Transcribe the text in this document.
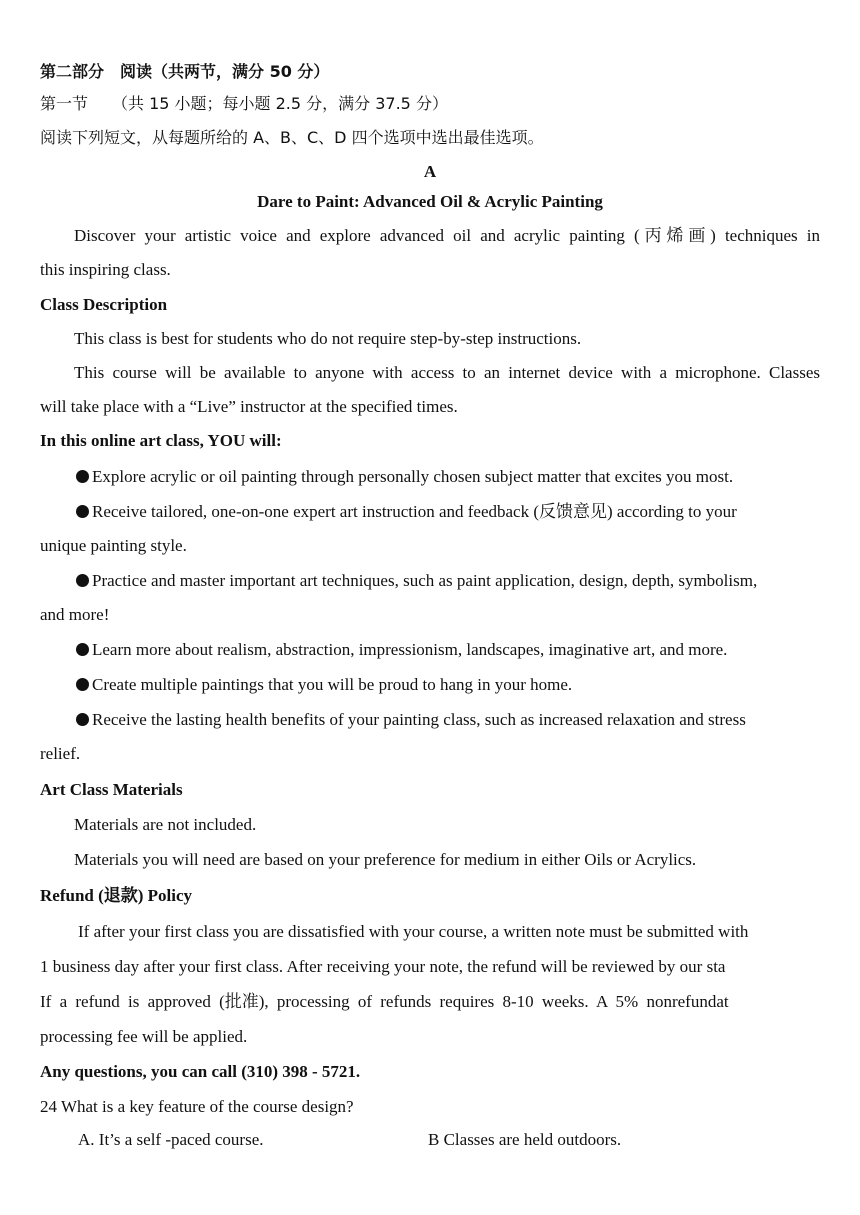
第二部分　阅读（共两节，满分 50 分）
第一节　　（共 15 小题；每小题 2.5 分，满分 37.5 分）
阅读下列短文，从每题所给的 A、B、C、D 四个选项中选出最佳选项。
A
Dare to Paint: Advanced Oil & Acrylic Painting
Discover your artistic voice and explore advanced oil and acrylic painting (丙烯画) techniques in
this inspiring class.
Class Description
This class is best for students who do not require step-by-step instructions.
This course will be available to anyone with access to an internet device with a microphone. Classes
will take place with a “Live” instructor at the specified times.
In this online art class, YOU will:
Explore acrylic or oil painting through personally chosen subject matter that excites you most.
Receive tailored, one-on-one expert art instruction and feedback (反馈意见) according to your
unique painting style.
Practice and master important art techniques, such as paint application, design, depth, symbolism,
and more!
Learn more about realism, abstraction, impressionism, landscapes, imaginative art, and more.
Create multiple paintings that you will be proud to hang in your home.
Receive the lasting health benefits of your painting class, such as increased relaxation and stress
relief.
Art Class Materials
Materials are not included.
Materials you will need are based on your preference for medium in either Oils or Acrylics.
Refund (退款) Policy
If after your first class you are dissatisfied with your course, a written note must be submitted with
1 business day after your first class. After receiving your note, the refund will be reviewed by our sta
If a refund is approved (批准), processing of refunds requires 8-10 weeks. A 5% nonrefundat
processing fee will be applied.
Any questions, you can call (310) 398 - 5721.
24 What is a key feature of the course design?
A. It’s a self -paced course.	B Classes are held outdoors.
